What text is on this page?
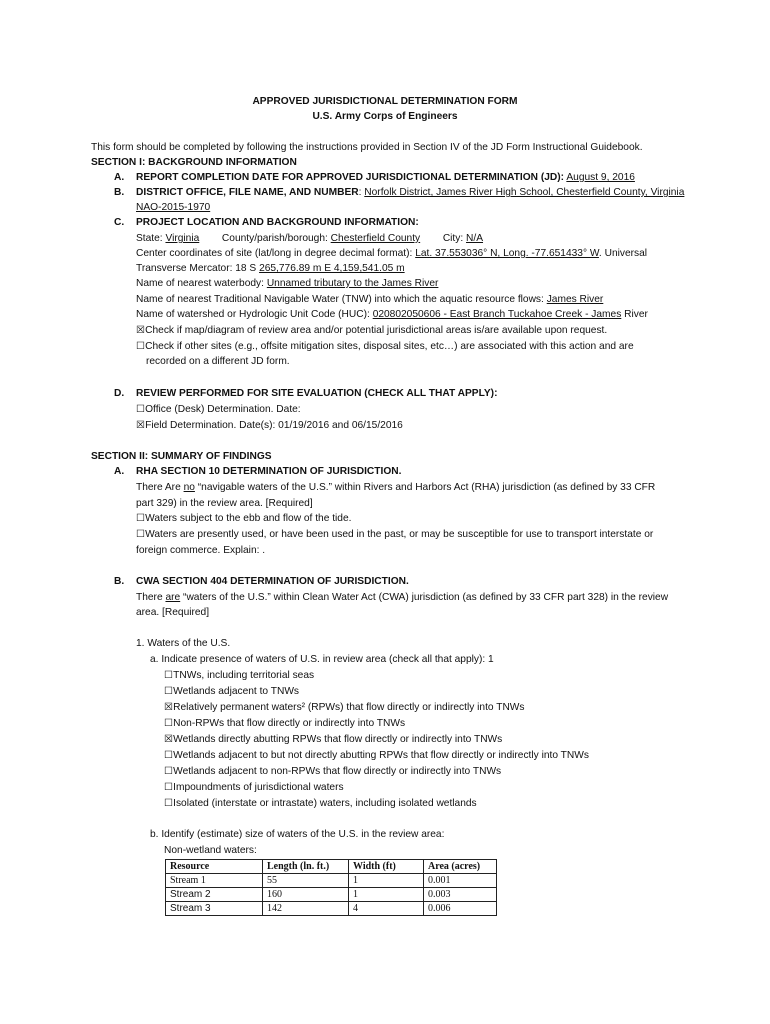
APPROVED JURISDICTIONAL DETERMINATION FORM
U.S. Army Corps of Engineers
This form should be completed by following the instructions provided in Section IV of the JD Form Instructional Guidebook.
SECTION I: BACKGROUND INFORMATION
A. REPORT COMPLETION DATE FOR APPROVED JURISDICTIONAL DETERMINATION (JD): August 9, 2016
B. DISTRICT OFFICE, FILE NAME, AND NUMBER: Norfolk District, James River High School, Chesterfield County, Virginia
NAO-2015-1970
C. PROJECT LOCATION AND BACKGROUND INFORMATION:
State: Virginia County/parish/borough: Chesterfield County City: N/A
Center coordinates of site (lat/long in degree decimal format): Lat. 37.553036° N, Long. -77.651433° W. Universal
Transverse Mercator: 18 S 265,776.89 m E 4,159,541.05 m
Name of nearest waterbody: Unnamed tributary to the James River
Name of nearest Traditional Navigable Water (TNW) into which the aquatic resource flows: James River
Name of watershed or Hydrologic Unit Code (HUC): 020802050606 - East Branch Tuckahoe Creek - James River
☒Check if map/diagram of review area and/or potential jurisdictional areas is/are available upon request.
☐Check if other sites (e.g., offsite mitigation sites, disposal sites, etc…) are associated with this action and are
recorded on a different JD form.
D. REVIEW PERFORMED FOR SITE EVALUATION (CHECK ALL THAT APPLY):
☐Office (Desk) Determination. Date:
☒Field Determination. Date(s): 01/19/2016 and 06/15/2016
SECTION II: SUMMARY OF FINDINGS
A. RHA SECTION 10 DETERMINATION OF JURISDICTION.
There Are no “navigable waters of the U.S.” within Rivers and Harbors Act (RHA) jurisdiction (as defined by 33 CFR
part 329) in the review area. [Required]
☐Waters subject to the ebb and flow of the tide.
☐Waters are presently used, or have been used in the past, or may be susceptible for use to transport interstate or
foreign commerce. Explain: .
B. CWA SECTION 404 DETERMINATION OF JURISDICTION.
There are “waters of the U.S.” within Clean Water Act (CWA) jurisdiction (as defined by 33 CFR part 328) in the review
area. [Required]
1. Waters of the U.S.
a. Indicate presence of waters of U.S. in review area (check all that apply): 1
☐TNWs, including territorial seas
☐Wetlands adjacent to TNWs
☒Relatively permanent waters² (RPWs) that flow directly or indirectly into TNWs
☐Non-RPWs that flow directly or indirectly into TNWs
☒Wetlands directly abutting RPWs that flow directly or indirectly into TNWs
☐Wetlands adjacent to but not directly abutting RPWs that flow directly or indirectly into TNWs
☐Wetlands adjacent to non-RPWs that flow directly or indirectly into TNWs
☐Impoundments of jurisdictional waters
☐Isolated (interstate or intrastate) waters, including isolated wetlands
b. Identify (estimate) size of waters of the U.S. in the review area:
Non-wetland waters:
Resource	Length (ln. ft.)	Width (ft)	Area (acres)
Stream 1	55	1	0.001
Stream 2	160	1	0.003
Stream 3	142	4	0.006
